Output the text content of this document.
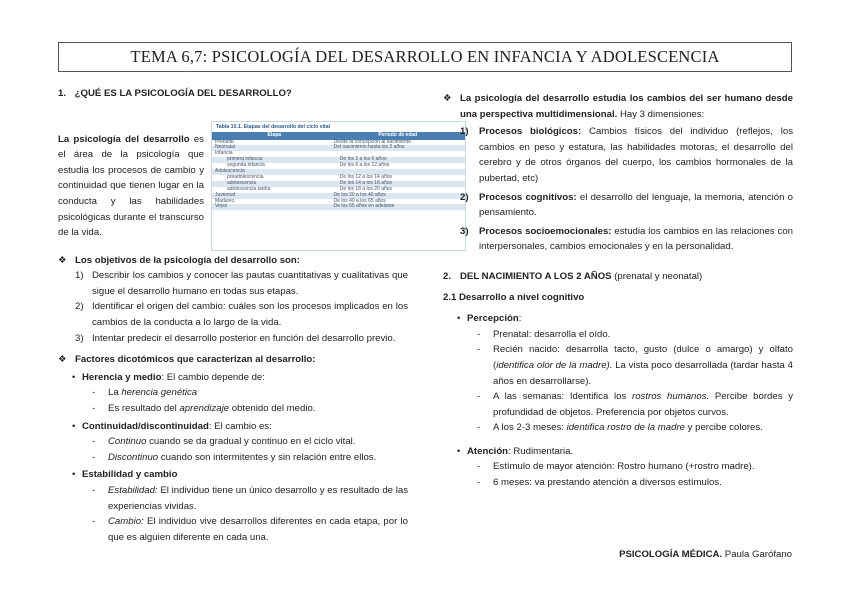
TEMA 6,7: PSICOLOGÍA DEL DESARROLLO EN INFANCIA Y ADOLESCENCIA
1. ¿QUÉ ES LA PSICOLOGÍA DEL DESARROLLO?
La psicología del desarrollo es el área de la psicología que estudia los procesos de cambio y continuidad que tienen lugar en la conducta y las habilidades psicológicas durante el transcurso de la vida.
Tabla 10.1. Etapas del desarrollo del ciclo vital
Etapa	Periodo de edad
Prenatal	Desde la concepción al nacimiento
Neonatal	Del nacimiento hasta los 2 años
Infancia
primera infancia	De los 2 a los 6 años
segunda infancia	De los 6 a los 12 años
Adolescencia
preadolescencia	De los 12 a los 14 años
adolescencia	De los 14 a los 18 años
adolescencia tardía	De los 18 a los 20 años
Juventud	De los 20 a los 40 años
Madurez	De los 40 a los 65 años
Vejez	De los 65 años en adelante
❖ Los objetivos de la psicología del desarrollo son:
1) Describir los cambios y conocer las pautas cuantitativas y cualitativas que sigue el desarrollo humano en todas sus etapas.
2) Identificar el origen del cambio: cuáles son los procesos implicados en los cambios de la conducta a lo largo de la vida.
3) Intentar predecir el desarrollo posterior en función del desarrollo previo.
❖ Factores dicotómicos que caracterizan al desarrollo:
• Herencia y medio: El cambio depende de:
- La herencia genética
- Es resultado del aprendizaje obtenido del medio.
• Continuidad/discontinuidad: El cambio es:
- Continuo cuando se da gradual y continuo en el ciclo vital.
- Discontinuo cuando son intermitentes y sin relación entre ellos.
• Estabilidad y cambio
- Estabilidad: El individuo tiene un único desarrollo y es resultado de las experiencias vividas.
- Cambio: El individuo vive desarrollos diferentes en cada etapa, por lo que es alguien diferente en cada una.
❖ La psicología del desarrollo estudia los cambios del ser humano desde una perspectiva multidimensional. Hay 3 dimensiones:
1) Procesos biológicos: Cambios físicos del individuo (reflejos, los cambios en peso y estatura, las habilidades motoras, el desarrollo del cerebro y de otros órganos del cuerpo, los cambios hormonales de la pubertad, etc)
2) Procesos cognitivos: el desarrollo del lenguaje, la memoria, atención o pensamiento.
3) Procesos socioemocionales: estudia los cambios en las relaciones con interpersonales, cambios emocionales y en la personalidad.
2. DEL NACIMIENTO A LOS 2 AÑOS (prenatal y neonatal)
2.1 Desarrollo a nivel cognitivo
• Percepción:
- Prenatal: desarrolla el oído.
- Recién nacido: desarrolla tacto, gusto (dulce o amargo) y olfato (identifica olor de la madre). La vista poco desarrollada (tardar hasta 4 años en desarrollarse).
- A las semanas: Identifica los rostros humanos. Percibe bordes y profundidad de objetos. Preferencia por objetos curvos.
- A los 2-3 meses: identifica rostro de la madre y percibe colores.
• Atención: Rudimentaria.
- Estímulo de mayor atención: Rostro humano (+rostro madre).
- 6 meses: va prestando atención a diversos estímulos.
PSICOLOGÍA MÉDICA. Paula Garófano
